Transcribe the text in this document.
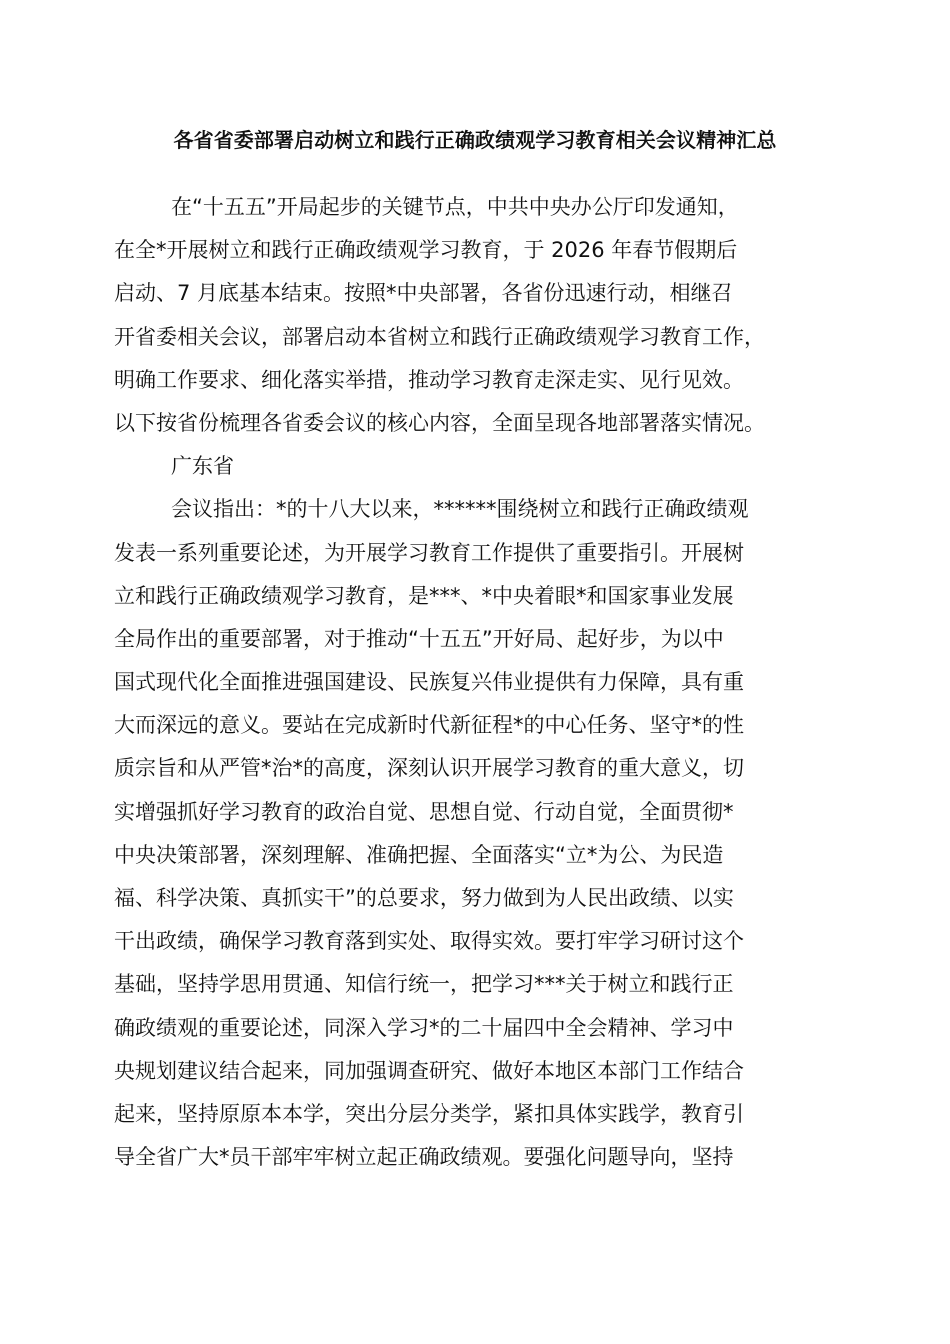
各省省委部署启动树立和践行正确政绩观学习教育相关会议精神汇总
在“十五五”开局起步的关键节点，中共中央办公厅印发通知，
在全*开展树立和践行正确政绩观学习教育，于 2026 年春节假期后
启动、7 月底基本结束。按照*中央部署，各省份迅速行动，相继召
开省委相关会议，部署启动本省树立和践行正确政绩观学习教育工作，
明确工作要求、细化落实举措，推动学习教育走深走实、见行见效。
以下按省份梳理各省委会议的核心内容，全面呈现各地部署落实情况。
广东省
会议指出：*的十八大以来，******围绕树立和践行正确政绩观
发表一系列重要论述，为开展学习教育工作提供了重要指引。开展树
立和践行正确政绩观学习教育，是***、*中央着眼*和国家事业发展
全局作出的重要部署，对于推动“十五五”开好局、起好步，为以中
国式现代化全面推进强国建设、民族复兴伟业提供有力保障，具有重
大而深远的意义。要站在完成新时代新征程*的中心任务、坚守*的性
质宗旨和从严管*治*的高度，深刻认识开展学习教育的重大意义，切
实增强抓好学习教育的政治自觉、思想自觉、行动自觉，全面贯彻*
中央决策部署，深刻理解、准确把握、全面落实“立*为公、为民造
福、科学决策、真抓实干”的总要求，努力做到为人民出政绩、以实
干出政绩，确保学习教育落到实处、取得实效。要打牢学习研讨这个
基础，坚持学思用贯通、知信行统一，把学习***关于树立和践行正
确政绩观的重要论述，同深入学习*的二十届四中全会精神、学习中
央规划建议结合起来，同加强调查研究、做好本地区本部门工作结合
起来，坚持原原本本学，突出分层分类学，紧扣具体实践学，教育引
导全省广大*员干部牢牢树立起正确政绩观。要强化问题导向，坚持
